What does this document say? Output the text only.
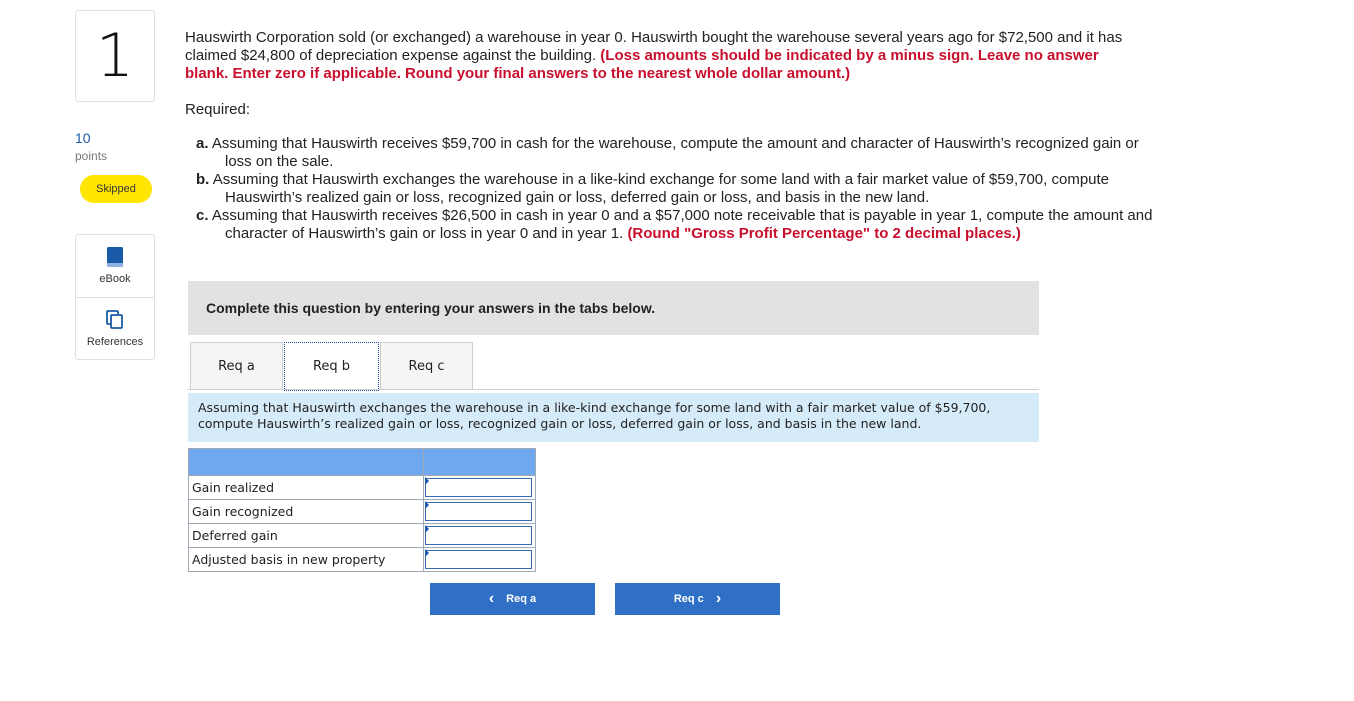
1
10
points
Skipped
eBook
References

Hauswirth Corporation sold (or exchanged) a warehouse in year 0. Hauswirth bought the warehouse several years ago for $72,500 and it has claimed $24,800 of depreciation expense against the building. (Loss amounts should be indicated by a minus sign. Leave no answer blank. Enter zero if applicable. Round your final answers to the nearest whole dollar amount.)

Required:
a. Assuming that Hauswirth receives $59,700 in cash for the warehouse, compute the amount and character of Hauswirth’s recognized gain or loss on the sale.
b. Assuming that Hauswirth exchanges the warehouse in a like-kind exchange for some land with a fair market value of $59,700, compute Hauswirth’s realized gain or loss, recognized gain or loss, deferred gain or loss, and basis in the new land.
c. Assuming that Hauswirth receives $26,500 in cash in year 0 and a $57,000 note receivable that is payable in year 1, compute the amount and character of Hauswirth’s gain or loss in year 0 and in year 1. (Round "Gross Profit Percentage" to 2 decimal places.)
Complete this question by entering your answers in the tabs below.
Req a	Req b	Req c
Assuming that Hauswirth exchanges the warehouse in a like-kind exchange for some land with a fair market value of $59,700, compute Hauswirth’s realized gain or loss, recognized gain or loss, deferred gain or loss, and basis in the new land.

Gain realized	

Gain recognized	

Deferred gain	

Adjusted basis in new property	
‹ Req a	Req c ›
